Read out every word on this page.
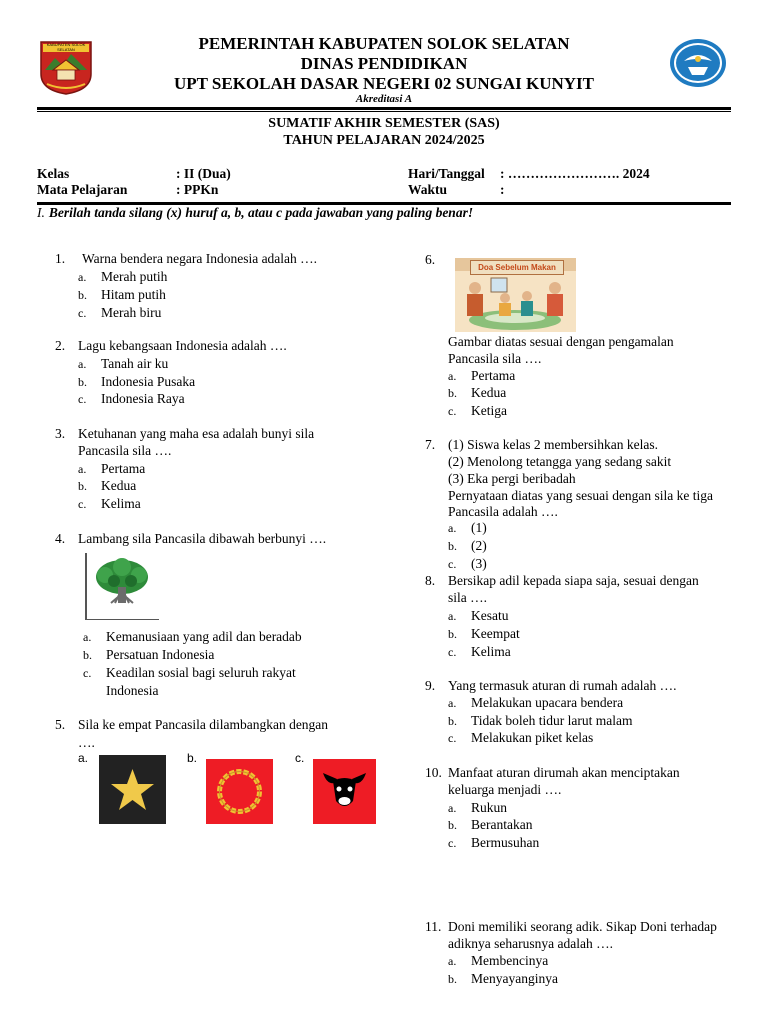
KABUPATEN SOLOK SELATAN	PEMERINTAH KABUPATEN SOLOK SELATAN
DINAS PENDIDIKAN
UPT SEKOLAH DASAR NEGERI 02 SUNGAI KUNYIT
Akreditasi A
SUMATIF AKHIR SEMESTER (SAS)
TAHUN PELAJARAN 2024/2025
Kelas	: II (Dua)
Mata Pelajaran	: PPKn
Hari/Tanggal : ……………………. 2024
Waktu	:
I. Berilah tanda silang (x) huruf a, b, atau c pada jawaban yang paling benar!
1. Warna bendera negara Indonesia adalah ….
a. Merah putih
b. Hitam putih
c. Merah biru
2. Lagu kebangsaan Indonesia adalah ….
a. Tanah air ku
b. Indonesia Pusaka
c. Indonesia Raya
3. Ketuhanan yang maha esa adalah bunyi sila
Pancasila sila ….
a. Pertama
b. Kedua
c. Kelima
4. Lambang sila Pancasila dibawah berbunyi ….
a. Kemanusiaan yang adil dan beradab
b. Persatuan Indonesia
c. Keadilan sosial bagi seluruh rakyat
Indonesia
5. Sila ke empat Pancasila dilambangkan dengan
….
a.	b.	c.
6.
Doa Sebelum Makan
Gambar diatas sesuai dengan pengamalan
Pancasila sila ….
a. Pertama
b. Kedua
c. Ketiga
7. (1) Siswa kelas 2 membersihkan kelas.
(2) Menolong tetangga yang sedang sakit
(3) Eka pergi beribadah
Pernyataan diatas yang sesuai dengan sila ke tiga
Pancasila adalah ….
a. (1)
b. (2)
c. (3)
8. Bersikap adil kepada siapa saja, sesuai dengan
sila ….
a. Kesatu
b. Keempat
c. Kelima
9. Yang termasuk aturan di rumah adalah ….
a. Melakukan upacara bendera
b. Tidak boleh tidur larut malam
c. Melakukan piket kelas
10. Manfaat aturan dirumah akan menciptakan
keluarga menjadi ….
a. Rukun
b. Berantakan
c. Bermusuhan
11. Doni memiliki seorang adik. Sikap Doni terhadap
adiknya seharusnya adalah ….
a. Membencinya
b. Menyayanginya
